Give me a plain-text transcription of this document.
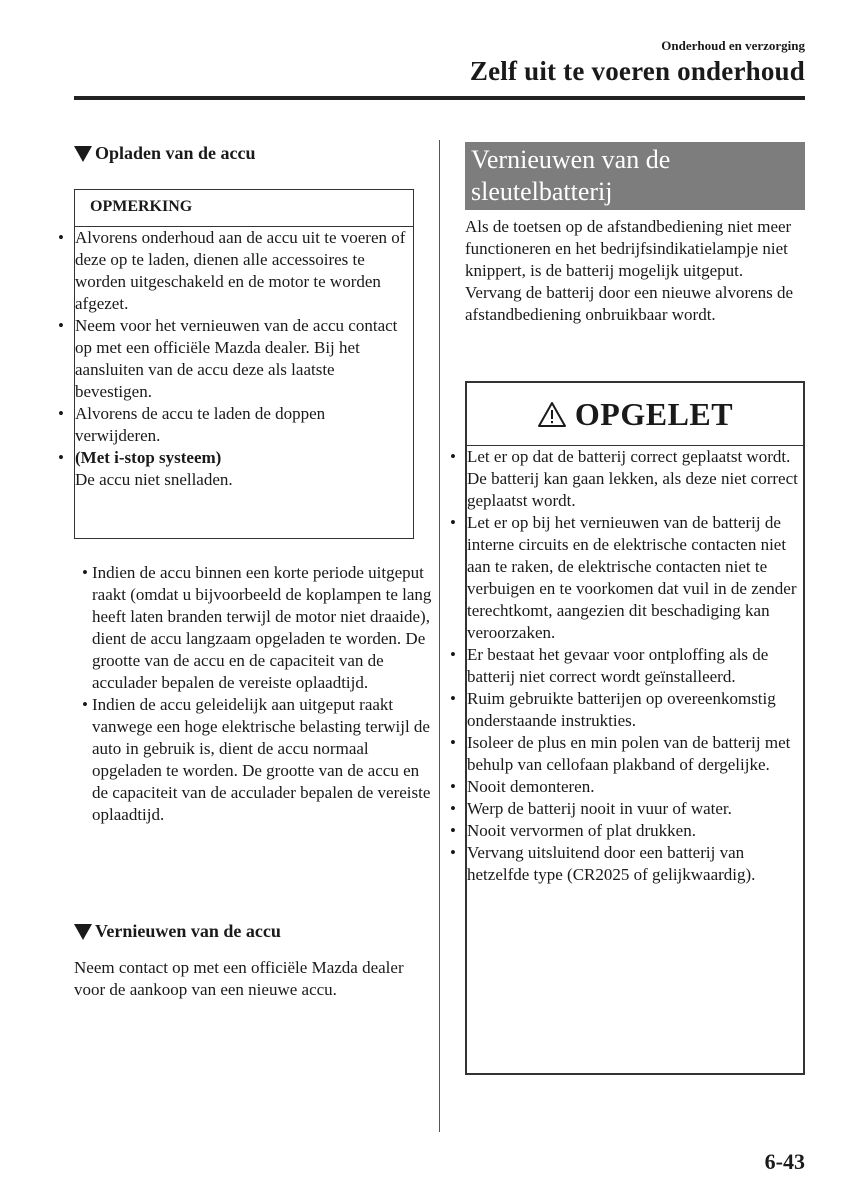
Onderhoud en verzorging
Zelf uit te voeren onderhoud
Opladen van de accu
OPMERKING
• Alvorens onderhoud aan de accu uit te voeren of deze op te laden, dienen alle accessoires te worden uitgeschakeld en de motor te worden afgezet.
• Neem voor het vernieuwen van de accu contact op met een officiële Mazda dealer. Bij het aansluiten van de accu deze als laatste bevestigen.
• Alvorens de accu te laden de doppen verwijderen.
• (Met i-stop systeem)
De accu niet snelladen.
• Indien de accu binnen een korte periode uitgeput raakt (omdat u bijvoorbeeld de koplampen te lang heeft laten branden terwijl de motor niet draaide), dient de accu langzaam opgeladen te worden. De grootte van de accu en de capaciteit van de acculader bepalen de vereiste oplaadtijd.
• Indien de accu geleidelijk aan uitgeput raakt vanwege een hoge elektrische belasting terwijl de auto in gebruik is, dient de accu normaal opgeladen te worden. De grootte van de accu en de capaciteit van de acculader bepalen de vereiste oplaadtijd.
Vernieuwen van de accu
Neem contact op met een officiële Mazda dealer voor de aankoop van een nieuwe accu.
Vernieuwen van de sleutelbatterij
Als de toetsen op de afstandbediening niet meer functioneren en het bedrijfsindikatielampje niet knippert, is de batterij mogelijk uitgeput.
Vervang de batterij door een nieuwe alvorens de afstandbediening onbruikbaar wordt.
OPGELET
• Let er op dat de batterij correct geplaatst wordt. De batterij kan gaan lekken, als deze niet correct geplaatst wordt.
• Let er op bij het vernieuwen van de batterij de interne circuits en de elektrische contacten niet aan te raken, de elektrische contacten niet te verbuigen en te voorkomen dat vuil in de zender terechtkomt, aangezien dit beschadiging kan veroorzaken.
• Er bestaat het gevaar voor ontploffing als de batterij niet correct wordt geïnstalleerd.
• Ruim gebruikte batterijen op overeenkomstig onderstaande instrukties.
• Isoleer de plus en min polen van de batterij met behulp van cellofaan plakband of dergelijke.
• Nooit demonteren.
• Werp de batterij nooit in vuur of water.
• Nooit vervormen of plat drukken.
• Vervang uitsluitend door een batterij van hetzelfde type (CR2025 of gelijkwaardig).
6-43
